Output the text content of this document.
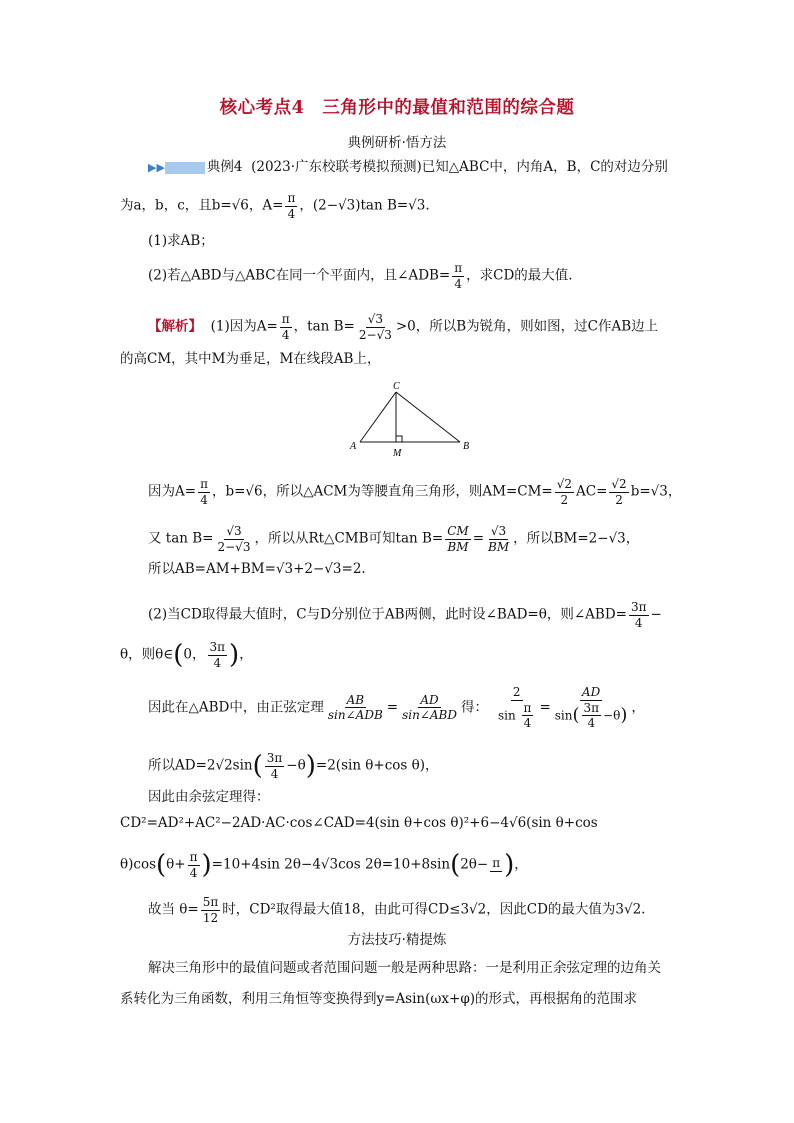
核心考点4　三角形中的最值和范围的综合题
典例研析·悟方法
▶▶	典例4 (2023·广东校联考模拟预测)已知△ABC中，内角A，B，C的对边分别
为a，b，c，且b=√6，$A= \frac{\pi}{4}$ ，(2−√3)tan B=√3.
(1)求AB；
(2)若△ABD与△ABC在同一个平面内，且∠ADB= $\frac{\pi}{4}$ ，求CD的最大值.
【解析】 (1)因为$A= \frac{\pi}{4}$ ，$\tan B= \frac{√3}{2-√3} >0$，所以B为锐角，则如图，过C作AB边上
的高CM，其中M为垂足，M在线段AB上，
C
A
M
B
因为$A= \frac{\pi}{4}$ ，b=√6，所以△ACM为等腰直角三角形，则$AM=CM= \frac{√2}{2} AC= \frac{√2}{2} b=√3$，
又 $\tan B= \frac{√3}{2-√3}$ ，所以从Rt△CMB可知$\tan B= \frac{CM}{BM} = \frac{√3}{BM}$ ，所以BM=2−√3，
所以AB=AM+BM=√3+2−√3=2.
(2)当CD取得最大值时，C与D分别位于AB两侧，此时设∠BAD=θ，则∠ABD= $\frac{3\pi}{4}$ −
θ，则θ∈(0， $\frac{3\pi}{4}$ )，
因此在△ABD中，由正弦定理 $\frac{AB}{\text{sin∠ADB}} = \frac{AD}{\text{sin∠ABD}}$ 得： $\frac{2}{\sin \frac{\pi}{4}} = \frac{AD}{\sin( \frac{3\pi}{4} -\theta)}$ ，
所以$AD=2√2\sin( \frac{3\pi}{4} -\theta)=2(\sin$ θ+cos θ)，
因此由余弦定理得：
CD²=AD²+AC²−2AD·AC·cos∠CAD=4(sin θ+cos θ)²+6−4√6(sin θ+cos
$\theta)\cos(\theta+ \frac{\pi}{4} )=10+4\sin$ 2θ−4√3cos 2θ=10+8sin(2θ− π )，
故当 $\theta= \frac{5\pi}{12}$ 时，CD²取得最大值18，由此可得CD≤3√2，因此CD的最大值为3√2.
方法技巧·精提炼
解决三角形中的最值问题或者范围问题一般是两种思路：一是利用正余弦定理的边角关
系转化为三角函数，利用三角恒等变换得到y=Asin(ωx+φ)的形式，再根据角的范围求
